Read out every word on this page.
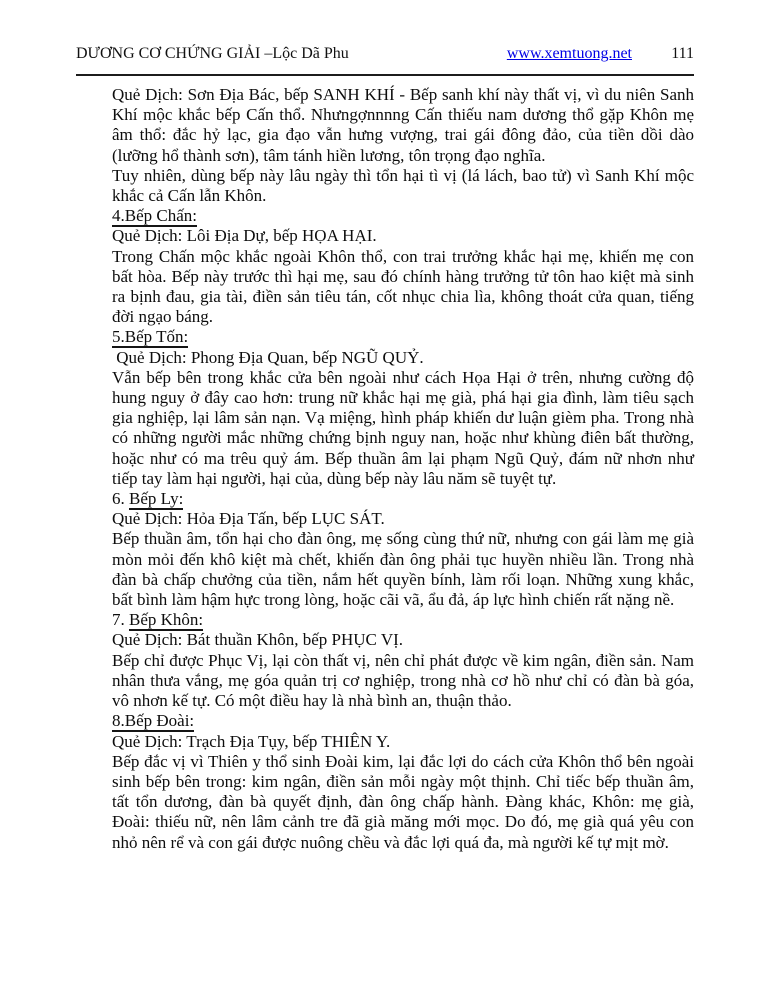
DƯƠNG CƠ CHỨNG GIẢI –Lộc Dã Phu	www.xemtuong.net	111

Quẻ Dịch: Sơn Địa Bác, bếp SANH KHÍ - Bếp sanh khí này thất vị, vì du niên Sanh Khí mộc khắc bếp Cấn thổ. Nhưngợnnnng Cấn thiếu nam dương thổ gặp Khôn mẹ âm thổ: đắc hỷ lạc, gia đạo vẫn hưng vượng, trai gái đông đảo, của tiền dồi dào (lưỡng hổ thành sơn), tâm tánh hiền lương, tôn trọng đạo nghĩa.

Tuy nhiên, dùng bếp này lâu ngày thì tổn hại tì vị (lá lách, bao tử) vì Sanh Khí mộc khắc cả Cấn lẫn Khôn.

4.Bếp Chấn:

Quẻ Dịch: Lôi Địa Dự, bếp HỌA HẠI.

Trong Chấn mộc khắc ngoài Khôn thổ, con trai trưởng khắc hại mẹ, khiến mẹ con bất hòa. Bếp này trước thì hại mẹ, sau đó chính hàng trưởng tử tôn hao kiệt mà sinh ra bịnh đau, gia tài, điền sản tiêu tán, cốt nhục chia lìa, không thoát cửa quan, tiếng đời ngạo báng.

5.Bếp Tốn:

Quẻ Dịch: Phong Địa Quan, bếp NGŨ QUỶ.

Vẫn bếp bên trong khắc cửa bên ngoài như cách Họa Hại ở trên, nhưng cường độ hung nguy ở đây cao hơn: trung nữ khắc hại mẹ già, phá hại gia đình, làm tiêu sạch gia nghiệp, lại lâm sản nạn. Vạ miệng, hình pháp khiến dư luận gièm pha. Trong nhà có những người mắc những chứng bịnh nguy nan, hoặc như khùng điên bất thường, hoặc như có ma trêu quỷ ám. Bếp thuần âm lại phạm Ngũ Quỷ, đám nữ nhơn như tiếp tay làm hại người, hại của, dùng bếp này lâu năm sẽ tuyệt tự.

6. Bếp Ly:

Quẻ Dịch: Hỏa Địa Tấn, bếp LỤC SÁT.

Bếp thuần âm, tổn hại cho đàn ông, mẹ sống cùng thứ nữ, nhưng con gái làm mẹ già mòn mỏi đến khô kiệt mà chết, khiến đàn ông phải tục huyền nhiều lần. Trong nhà đàn bà chấp chưởng của tiền, nắm hết quyền bính, làm rối loạn. Những xung khắc, bất bình làm hậm hực trong lòng, hoặc cãi vã, ẩu đả, áp lực hình chiến rất nặng nề.

7. Bếp Khôn:

Quẻ Dịch: Bát thuần Khôn, bếp PHỤC VỊ.

Bếp chỉ được Phục Vị, lại còn thất vị, nên chỉ phát được về kim ngân, điền sản. Nam nhân thưa vắng, mẹ góa quản trị cơ nghiệp, trong nhà cơ hồ như chỉ có đàn bà góa, vô nhơn kế tự. Có một điều hay là nhà bình an, thuận thảo.

8.Bếp Đoài:

Quẻ Dịch: Trạch Địa Tụy, bếp THIÊN Y.

Bếp đắc vị vì Thiên y thổ sinh Đoài kim, lại đắc lợi do cách cửa Khôn thổ bên ngoài sinh bếp bên trong: kim ngân, điền sản mỗi ngày một thịnh. Chỉ tiếc bếp thuần âm, tất tổn dương, đàn bà quyết định, đàn ông chấp hành. Đàng khác, Khôn: mẹ già, Đoài: thiếu nữ, nên lâm cảnh tre đã già măng mới mọc. Do đó, mẹ già quá yêu con nhỏ nên rể và con gái được nuông chều và đắc lợi quá đa, mà người kế tự mịt mờ.
